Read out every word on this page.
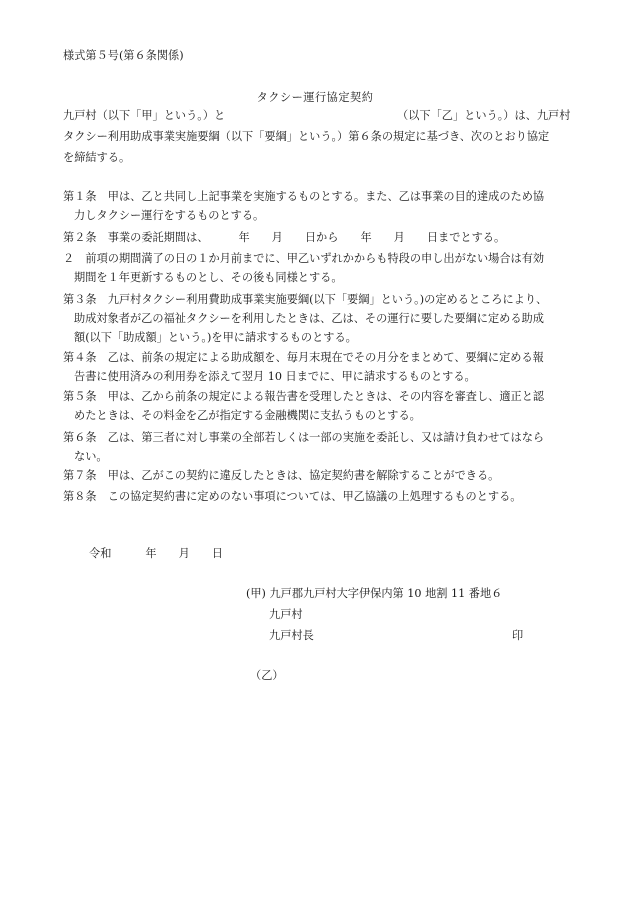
様式第５号(第６条関係)
タクシー運行協定契約
九戸村（以下「甲」という。）と	（以下「乙」という。）は、九戸村
タクシー利用助成事業実施要綱（以下「要綱」という。）第６条の規定に基づき、次のとおり協定
を締結する。
第１条　甲は、乙と共同し上記事業を実施するものとする。また、乙は事業の目的達成のため協
力しタクシー運行をするものとする。
第２条　事業の委託期間は、	年 月 日から 年 月 日までとする。
２　前項の期間満了の日の１か月前までに、甲乙いずれかからも特段の申し出がない場合は有効
期間を１年更新するものとし、その後も同様とする。
第３条　九戸村タクシー利用費助成事業実施要綱(以下「要綱」という。)の定めるところにより、
助成対象者が乙の福祉タクシーを利用したときは、乙は、その運行に要した要綱に定める助成
額(以下「助成額」という。)を甲に請求するものとする。
第４条　乙は、前条の規定による助成額を、毎月末現在でその月分をまとめて、要綱に定める報
告書に使用済みの利用券を添えて翌月 10 日までに、甲に請求するものとする。
第５条　甲は、乙から前条の規定による報告書を受理したときは、その内容を審査し、適正と認
めたときは、その料金を乙が指定する金融機関に支払うものとする。
第６条　乙は、第三者に対し事業の全部若しくは一部の実施を委託し、又は請け負わせてはなら
ない。
第７条　甲は、乙がこの契約に違反したときは、協定契約書を解除することができる。
第８条　この協定契約書に定めのない事項については、甲乙協議の上処理するものとする。
令和	年 月 日
(甲) 九戸郡九戸村大字伊保内第 10 地割 11 番地６
九戸村
九戸村長	印
（乙）
